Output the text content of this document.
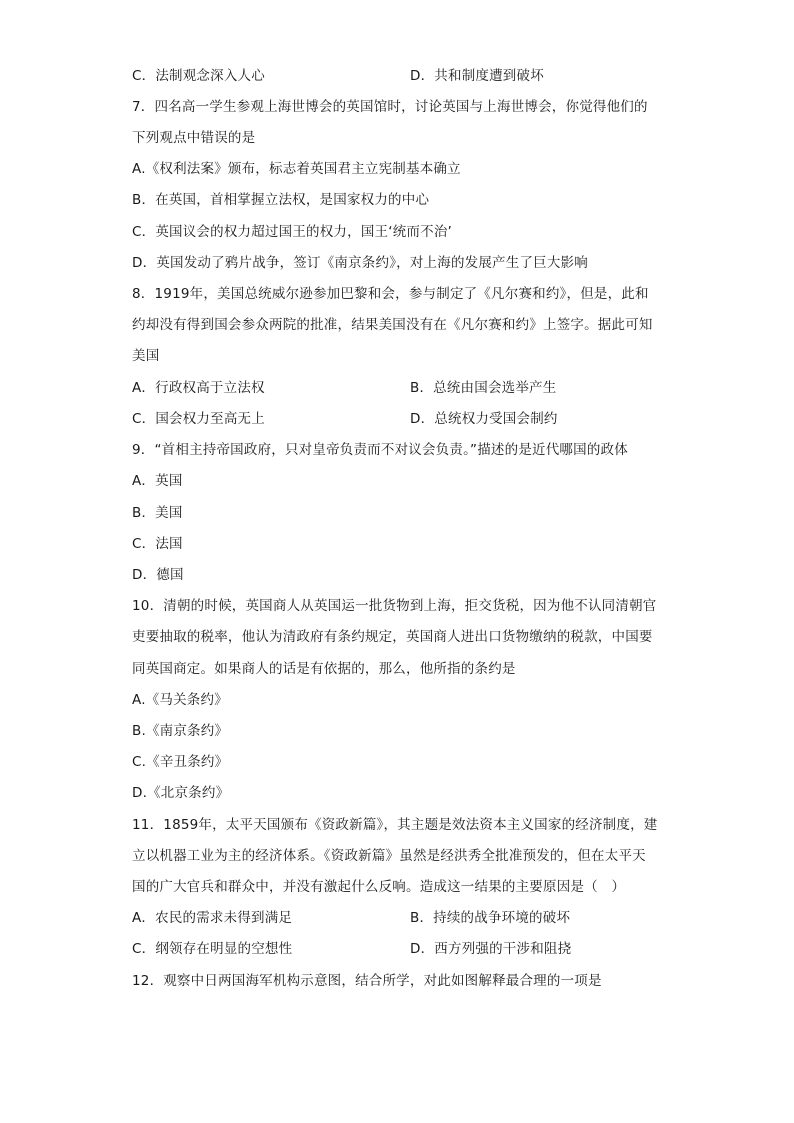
C．法制观念深入人心	D．共和制度遭到破坏
7．四名高一学生参观上海世博会的英国馆时，讨论英国与上海世博会，你觉得他们的
下列观点中错误的是
A.《权利法案》颁布，标志着英国君主立宪制基本确立
B．在英国，首相掌握立法权，是国家权力的中心
C．英国议会的权力超过国王的权力，国王‘统而不治’
D．英国发动了鸦片战争，签订《南京条约》，对上海的发展产生了巨大影响
8．1919年，美国总统威尔逊参加巴黎和会，参与制定了《凡尔赛和约》，但是，此和
约却没有得到国会参众两院的批准，结果美国没有在《凡尔赛和约》上签字。据此可知
美国
A．行政权高于立法权	B．总统由国会选举产生
C．国会权力至高无上	D．总统权力受国会制约
9．“首相主持帝国政府，只对皇帝负责而不对议会负责。”描述的是近代哪国的政体
A．英国
B．美国
C．法国
D．德国
10．清朝的时候，英国商人从英国运一批货物到上海，拒交货税，因为他不认同清朝官
吏要抽取的税率，他认为清政府有条约规定，英国商人进出口货物缴纳的税款，中国要
同英国商定。如果商人的话是有依据的，那么，他所指的条约是
A.《马关条约》
B.《南京条约》
C.《辛丑条约》
D.《北京条约》
11．1859年，太平天国颁布《资政新篇》，其主题是效法资本主义国家的经济制度，建
立以机器工业为主的经济体系。《资政新篇》虽然是经洪秀全批准预发的，但在太平天
国的广大官兵和群众中，并没有激起什么反响。造成这一结果的主要原因是（　）
A．农民的需求未得到满足	B．持续的战争环境的破坏
C．纲领存在明显的空想性	D．西方列强的干涉和阻挠
12．观察中日两国海军机构示意图，结合所学，对此如图解释最合理的一项是
